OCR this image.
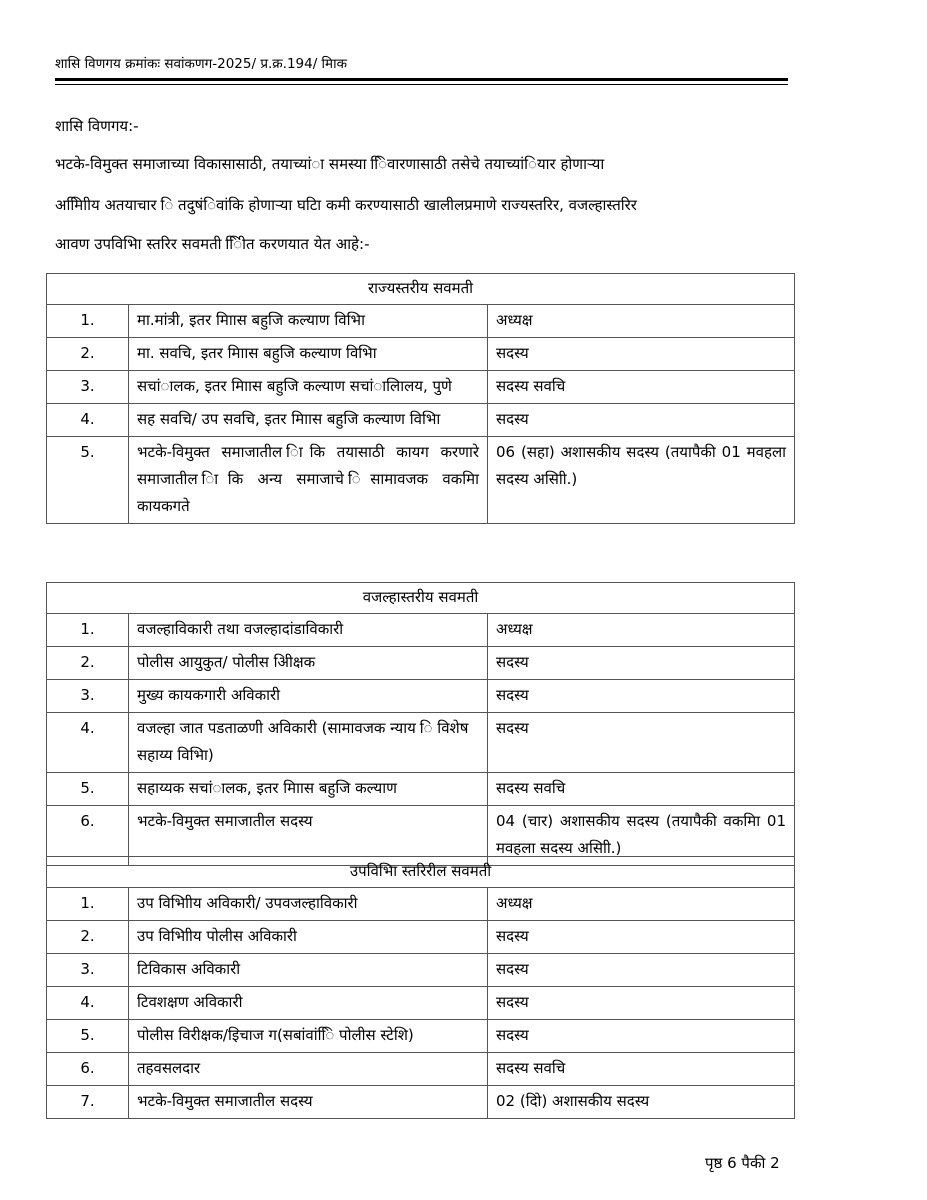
शासि विणगय क्रमांकः सवांकणग-2025/ प्र.क्र.194/ मिाक
शासि विणगय:-
भटके-विमुक्त समाजाच्या विकासासाठी, तयाच्यांा समस्या ििवारणासाठी तसेचे तयाच्यांियार होणाऱ्या
अमिािीय अतयाचार ि तदुषंिवांकि होणाऱ्या घटिा कमी करण्यासाठी खालीलप्रमाणे राज्यस्तरिर, वजल्हास्तरिर
आवण उपविभाि स्तरिर सवमती ििीत करणयात येत आहे:-
राज्यस्तरीय सवमती		
1.	मा.मांत्री, इतर मिाास बहुजि कल्याण विभाि	अध्यक्ष
2.	मा. सवचि, इतर मिाास बहुजि कल्याण विभाि	सदस्य
3.	सचांालक, इतर मिाास बहुजि कल्याण सचांालिालय, पुणे	सदस्य सवचि
4.	सह सवचि/ उप सवचि, इतर मिाास बहुजि कल्याण विभाि	सदस्य
5.	भटके-विमुक्त समाजातील िाकि तयासाठी कायग करणारे समाजातील िाकि अन्य समाजाचे िसामावजक वकमिा कायकगते	06 (सहा) अशासकीय सदस्य (तयापैकी 01 मवहला सदस्य असिाी.)
वजल्हास्तरीय सवमती		
1.	वजल्हाविकारी तथा वजल्हादांडाविकारी	अध्यक्ष
2.	पोलीस आयुकुत/ पोलीस अिीक्षक	सदस्य
3.	मुख्य कायकगारी अविकारी	सदस्य
4.	वजल्हा जात पडताळणी अविकारी (सामावजक न्याय ि विशेष सहाय्य विभाि)	सदस्य
5.	सहाय्यक सचांालक, इतर मिाास बहुजि कल्याण	सदस्य सवचि
6.	भटके-विमुक्त समाजातील सदस्य	04 (चार) अशासकीय सदस्य (तयापैकी वकमिा 01 मवहला सदस्य असिाी.)
उपविभाि स्तरिरील सवमती		
1.	उप विभािीय अविकारी/ उपवजल्हाविकारी	अध्यक्ष
2.	उप विभािीय पोलीस अविकारी	सदस्य
3.	टिविकास अविकारी	सदस्य
4.	टिवशक्षण अविकारी	सदस्य
5.	पोलीस विरीक्षक/इिचाज ग(सबांवांिि पोलीस स्टेशि)	सदस्य
6.	तहवसलदार	सदस्य सवचि
7.	भटके-विमुक्त समाजातील सदस्य	02 (दिो) अशासकीय सदस्य
पृष्ठ 6 पैकी 2
